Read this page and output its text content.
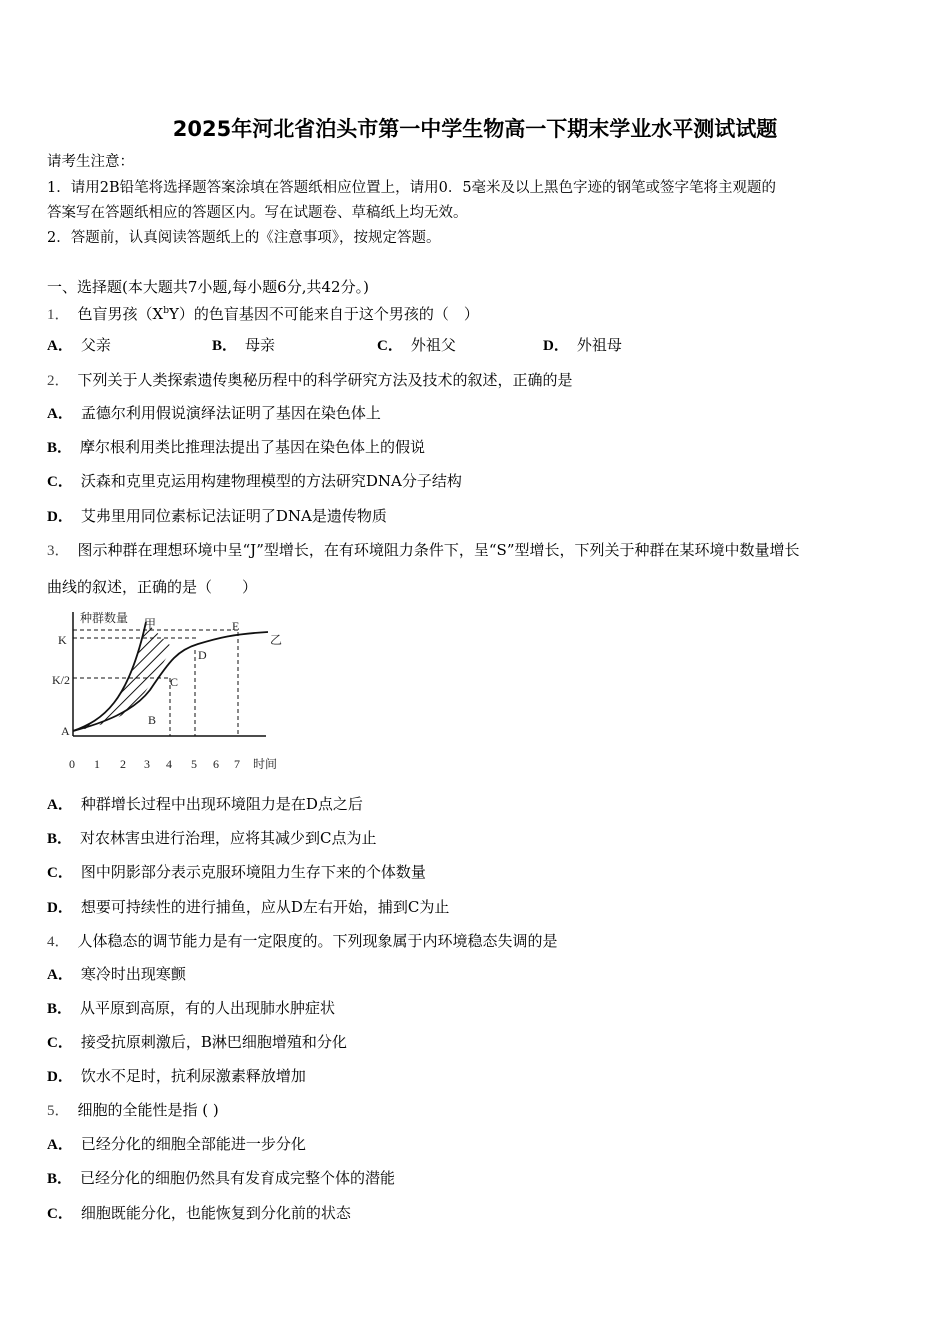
2025年河北省泊头市第一中学生物高一下期末学业水平测试试题
请考生注意：
1．请用2B铅笔将选择题答案涂填在答题纸相应位置上，请用0．5毫米及以上黑色字迹的钢笔或签字笔将主观题的
答案写在答题纸相应的答题区内。写在试题卷、草稿纸上均无效。
2．答题前，认真阅读答题纸上的《注意事项》，按规定答题。
一、选择题(本大题共7小题,每小题6分,共42分。)
1． 色盲男孩$(X^bY)$的色盲基因不可能来自于这个男孩的（　）
A． 父亲	B． 母亲	C． 外祖父	D． 外祖母
2． 下列关于人类探索遗传奥秘历程中的科学研究方法及技术的叙述，正确的是
A． 孟德尔利用假说演绎法证明了基因在染色体上
B． 摩尔根利用类比推理法提出了基因在染色体上的假说
C． 沃森和克里克运用构建物理模型的方法研究DNA分子结构
D． 艾弗里用同位素标记法证明了DNA是遗传物质
3． 图示种群在理想环境中呈“J”型增长，在有环境阻力条件下，呈“S”型增长，下列关于种群在某环境中数量增长
曲线的叙述，正确的是（　　）
种群数量
K
K/2
A
甲
乙
C
D
E
B
0 1 2 3 4 5 6 7 时间
A． 种群增长过程中出现环境阻力是在D点之后
B． 对农林害虫进行治理，应将其减少到C点为止
C． 图中阴影部分表示克服环境阻力生存下来的个体数量
D． 想要可持续性的进行捕鱼，应从D左右开始，捕到C为止
4． 人体稳态的调节能力是有一定限度的。下列现象属于内环境稳态失调的是
A． 寒冷时出现寒颤
B． 从平原到高原，有的人出现肺水肿症状
C． 接受抗原刺激后，B淋巴细胞增殖和分化
D． 饮水不足时，抗利尿激素释放增加
5． 细胞的全能性是指 ( )
A． 已经分化的细胞全部能进一步分化
B． 已经分化的细胞仍然具有发育成完整个体的潜能
C． 细胞既能分化，也能恢复到分化前的状态
